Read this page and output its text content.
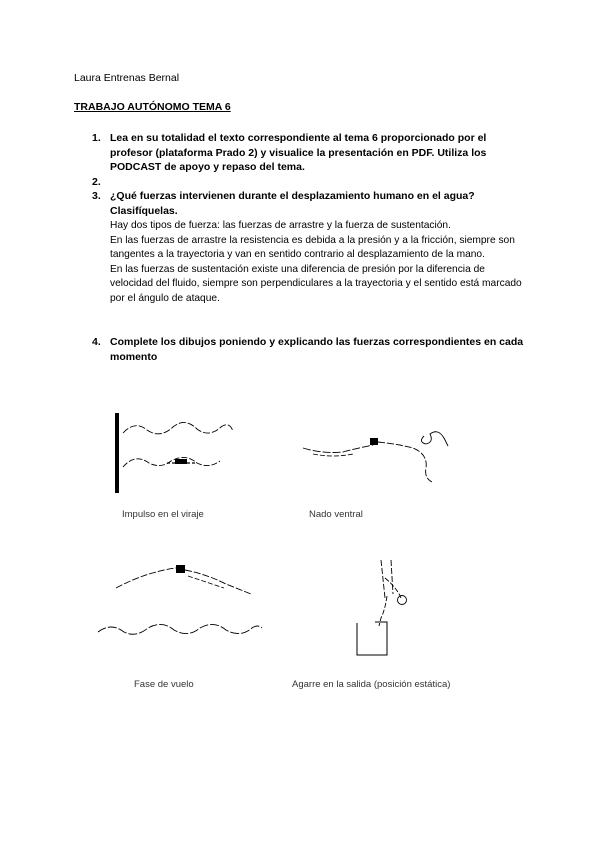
Laura Entrenas Bernal
TRABAJO AUTÓNOMO TEMA 6
1. Lea en su totalidad el texto correspondiente al tema 6 proporcionado por el profesor (plataforma Prado 2) y visualice la presentación en PDF. Utiliza los PODCAST de apoyo y repaso del tema.
2.
3. ¿Qué fuerzas intervienen durante el desplazamiento humano en el agua? Clasifíquelas.

Hay dos tipos de fuerza: las fuerzas de arrastre y la fuerza de sustentación.

En las fuerzas de arrastre la resistencia es debida a la presión y a la fricción, siempre son tangentes a la trayectoria y van en sentido contrario al desplazamiento de la mano.

En las fuerzas de sustentación existe una diferencia de presión por la diferencia de velocidad del fluido, siempre son perpendiculares a la trayectoria y el sentido está marcado por el ángulo de ataque.

4. Complete los dibujos poniendo y explicando las fuerzas correspondientes en cada momento
Impulso en el viraje	Nado ventral
Fase de vuelo	Agarre en la salida (posición estática)
